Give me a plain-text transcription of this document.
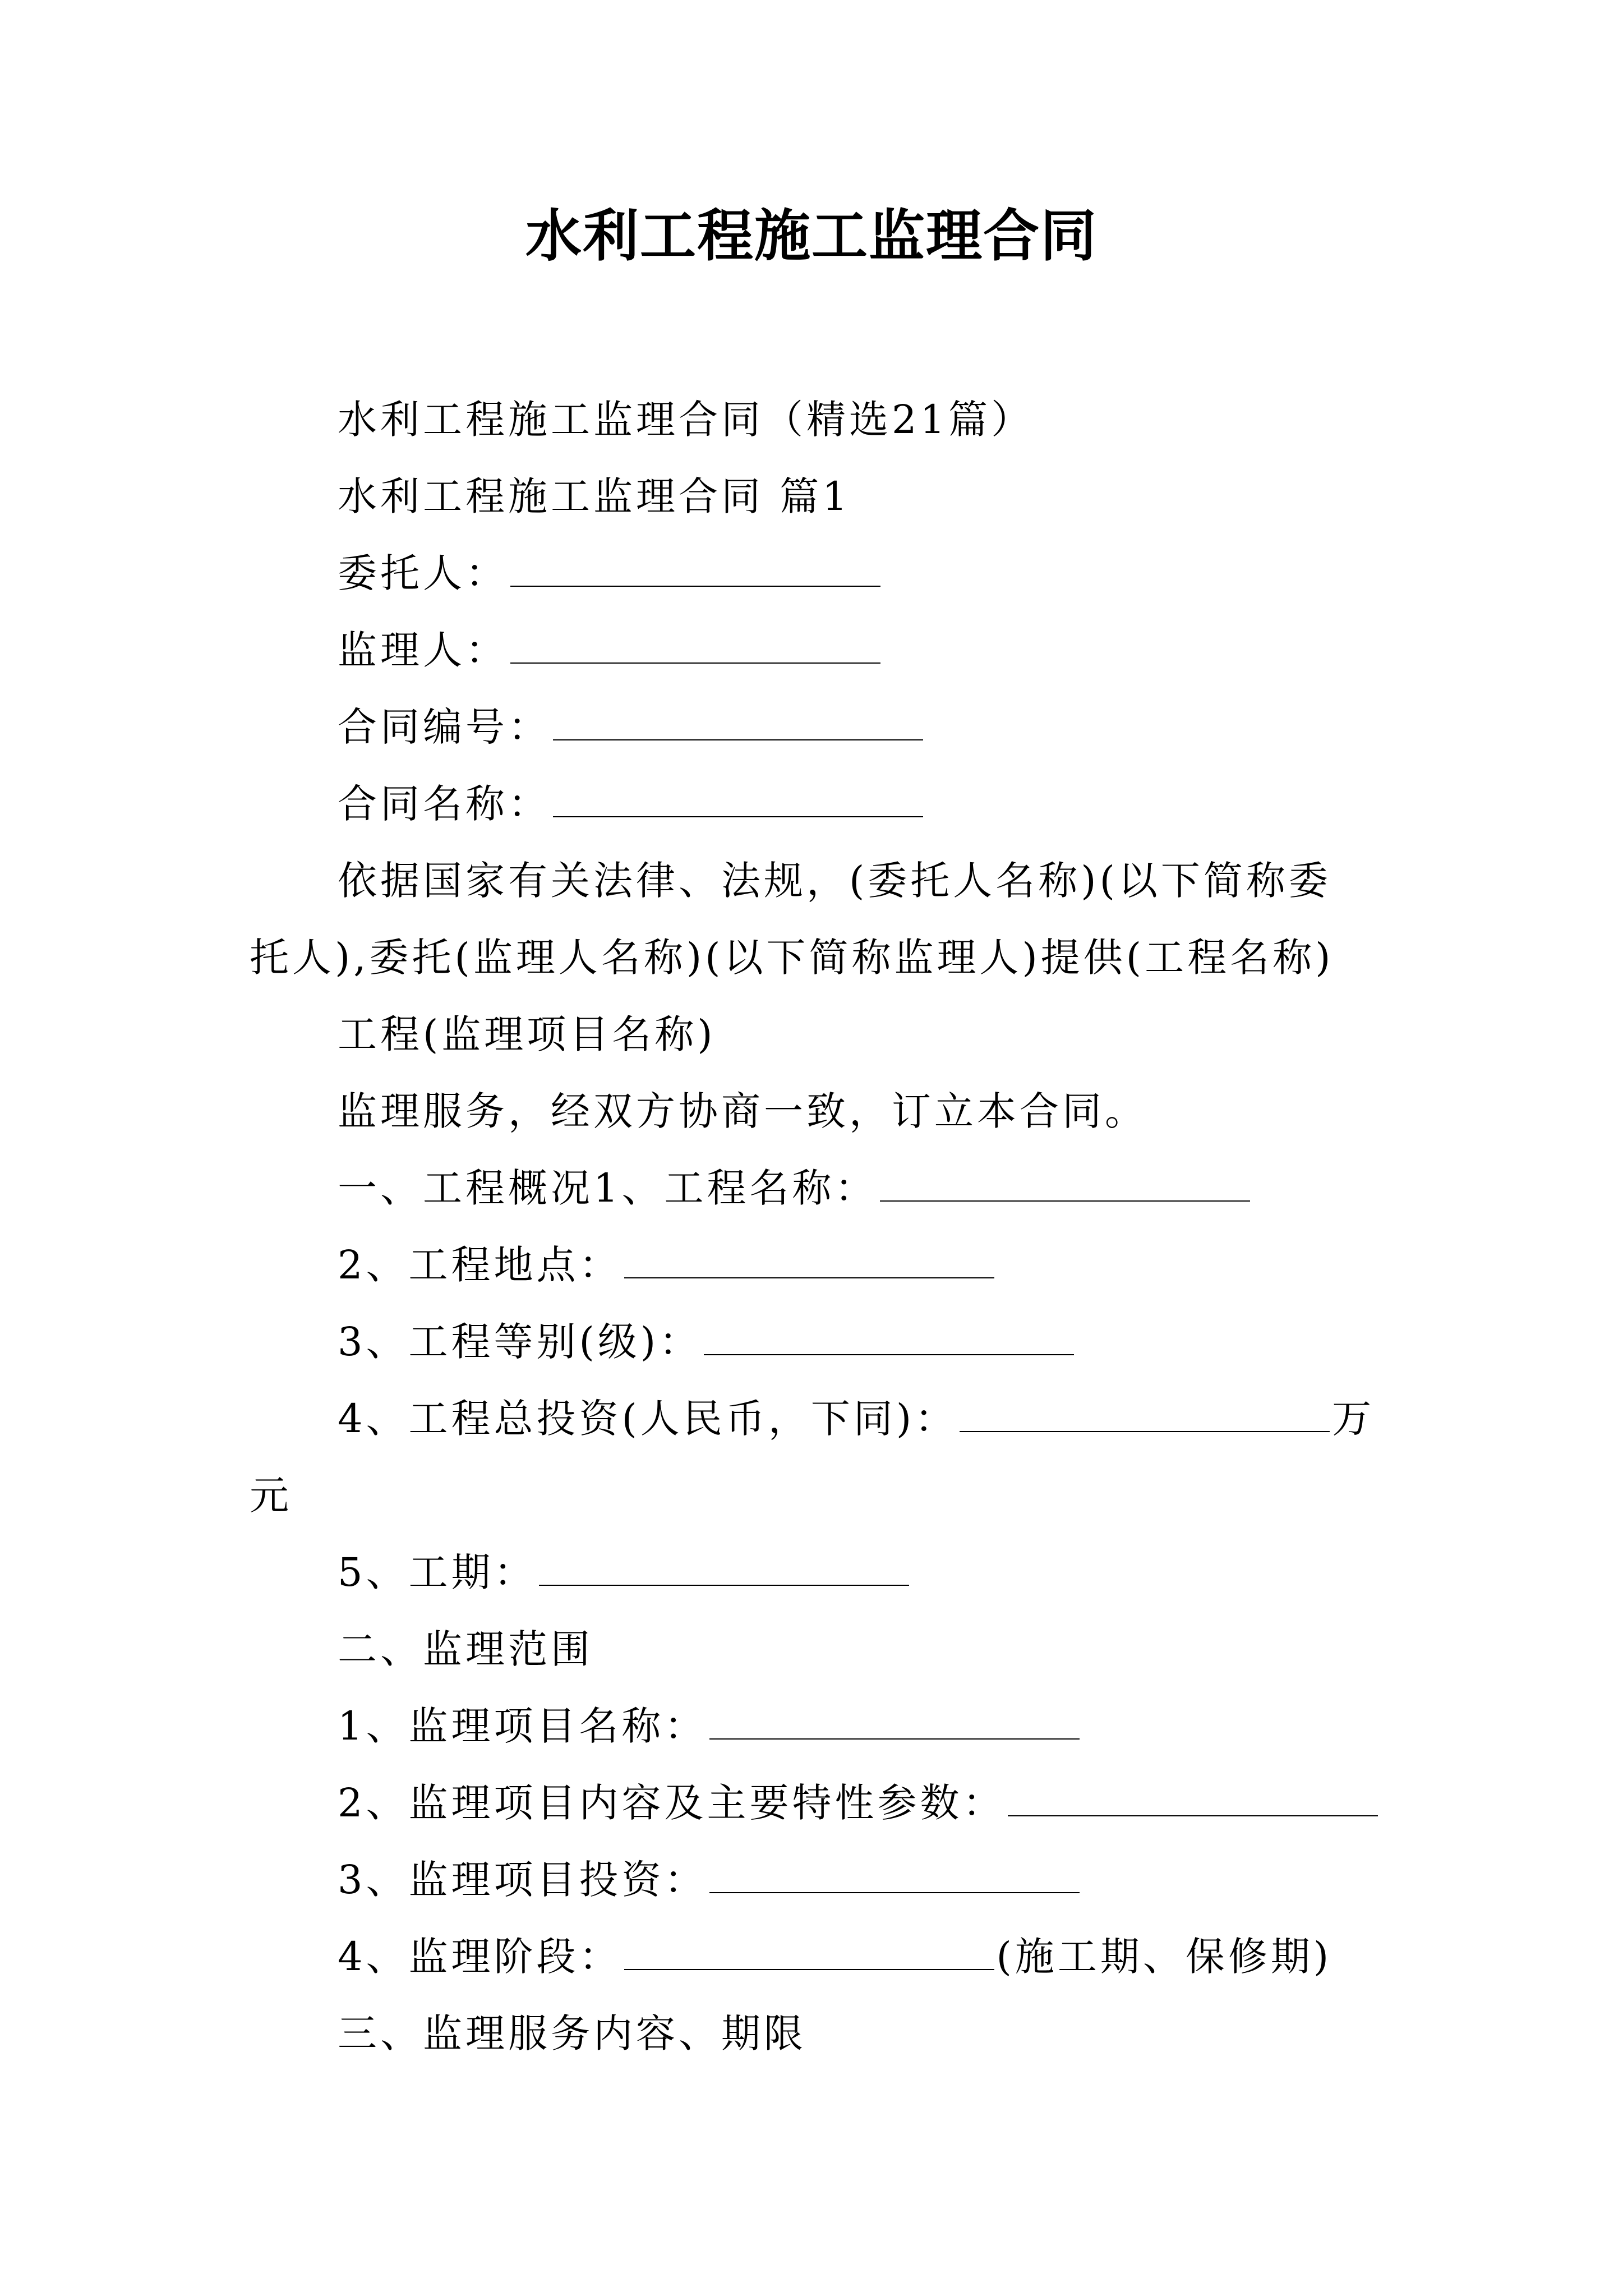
水利工程施工监理合同
水利工程施工监理合同（精选21篇）
水利工程施工监理合同 篇1
委托人：
监理人：
合同编号：
合同名称：
依据国家有关法律、法规，(委托人名称)(以下简称委
托人),委托(监理人名称)(以下简称监理人)提供(工程名称)
工程(监理项目名称)
监理服务，经双方协商一致，订立本合同。
一、工程概况1、工程名称：
2、工程地点：
3、工程等别(级)：
4、工程总投资(人民币，下同)：	万
元
5、工期：
二、监理范围
1、监理项目名称：
2、监理项目内容及主要特性参数：
3、监理项目投资：
4、监理阶段：	(施工期、保修期)
三、监理服务内容、期限
